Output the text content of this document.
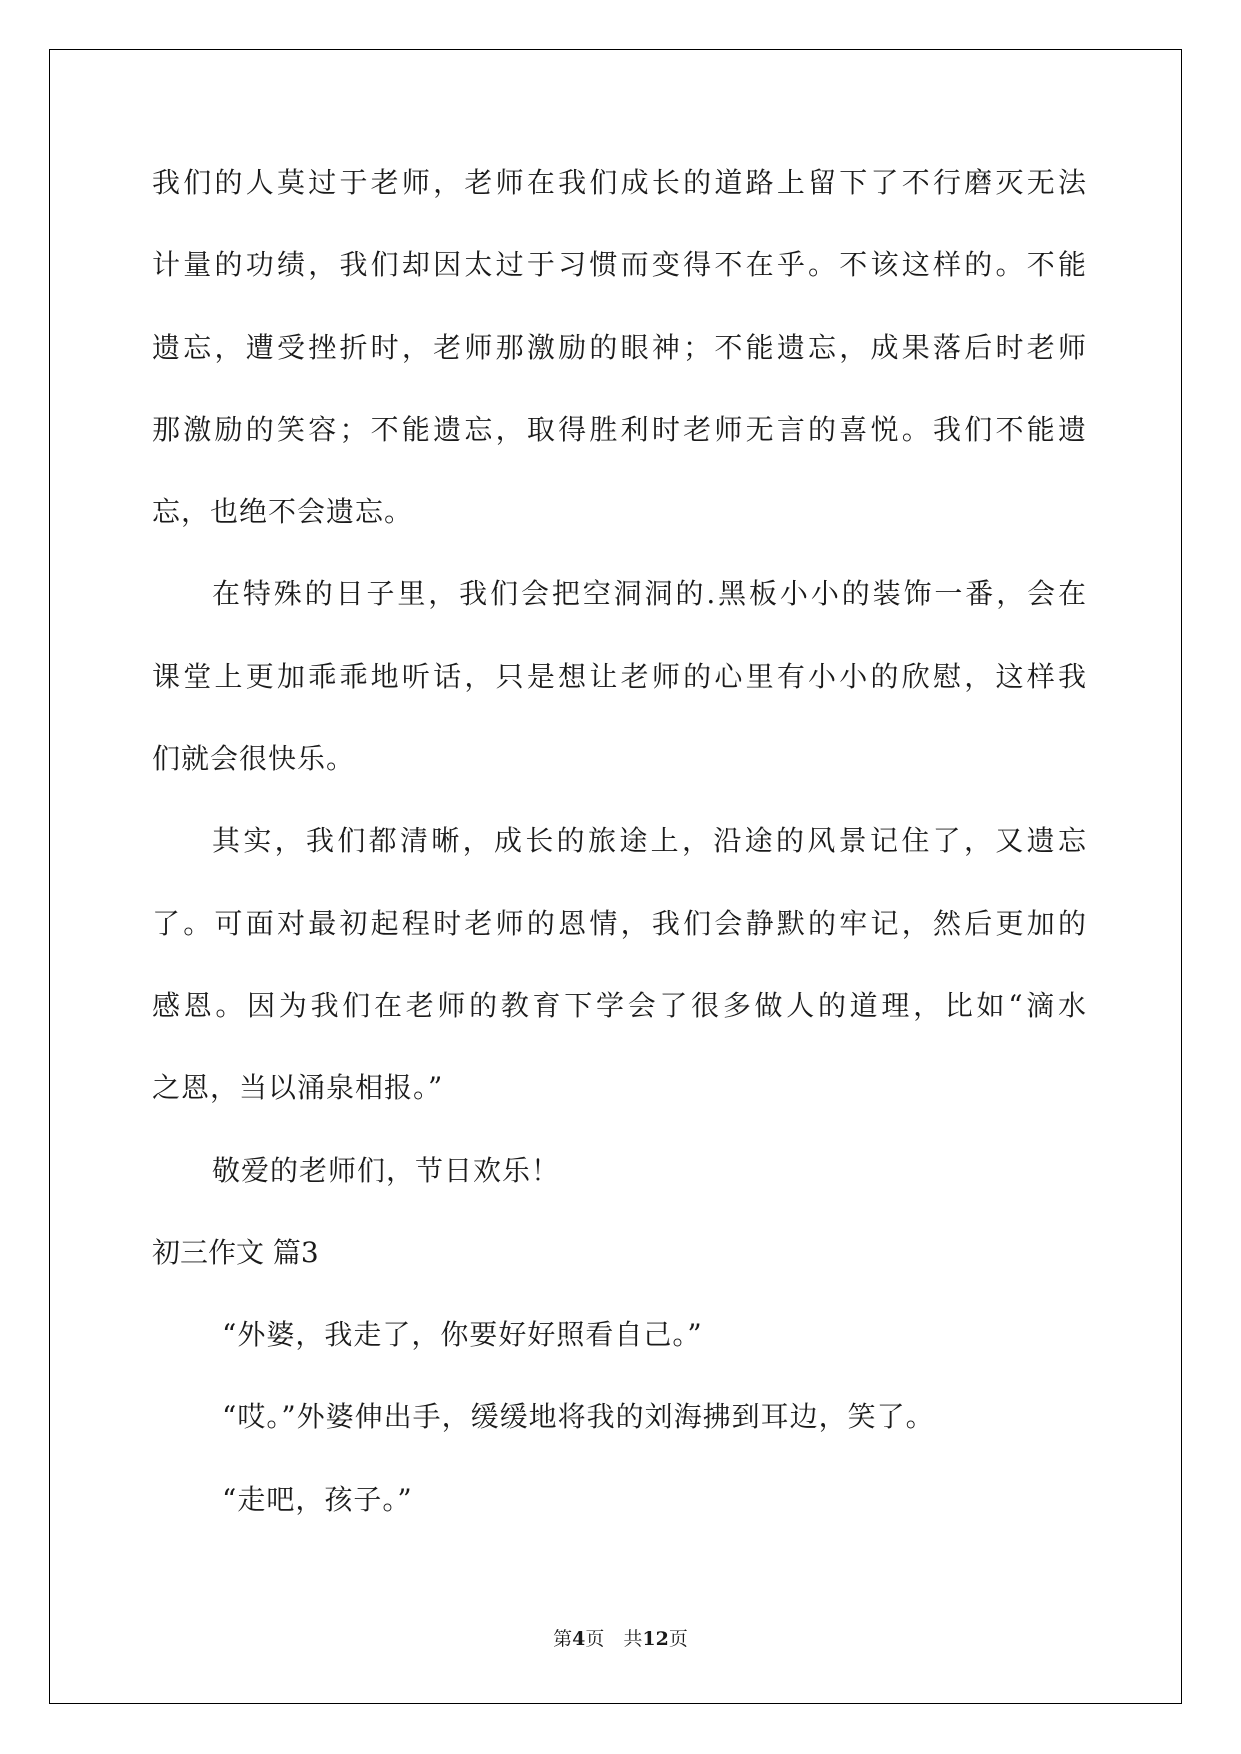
我们的人莫过于老师，老师在我们成长的道路上留下了不行磨灭无法
计量的功绩，我们却因太过于习惯而变得不在乎。不该这样的。不能
遗忘，遭受挫折时，老师那激励的眼神；不能遗忘，成果落后时老师
那激励的笑容；不能遗忘，取得胜利时老师无言的喜悦。我们不能遗
忘，也绝不会遗忘。
在特殊的日子里，我们会把空洞洞的.黑板小小的装饰一番，会在
课堂上更加乖乖地听话，只是想让老师的心里有小小的欣慰，这样我
们就会很快乐。
其实，我们都清晰，成长的旅途上，沿途的风景记住了，又遗忘
了。可面对最初起程时老师的恩情，我们会静默的牢记，然后更加的
感恩。因为我们在老师的教育下学会了很多做人的道理，比如“滴水
之恩，当以涌泉相报。”
敬爱的老师们，节日欢乐！
初三作文 篇3
“外婆，我走了，你要好好照看自己。”
“哎。”外婆伸出手，缓缓地将我的刘海拂到耳边，笑了。
“走吧，孩子。”
第4页　共12页
